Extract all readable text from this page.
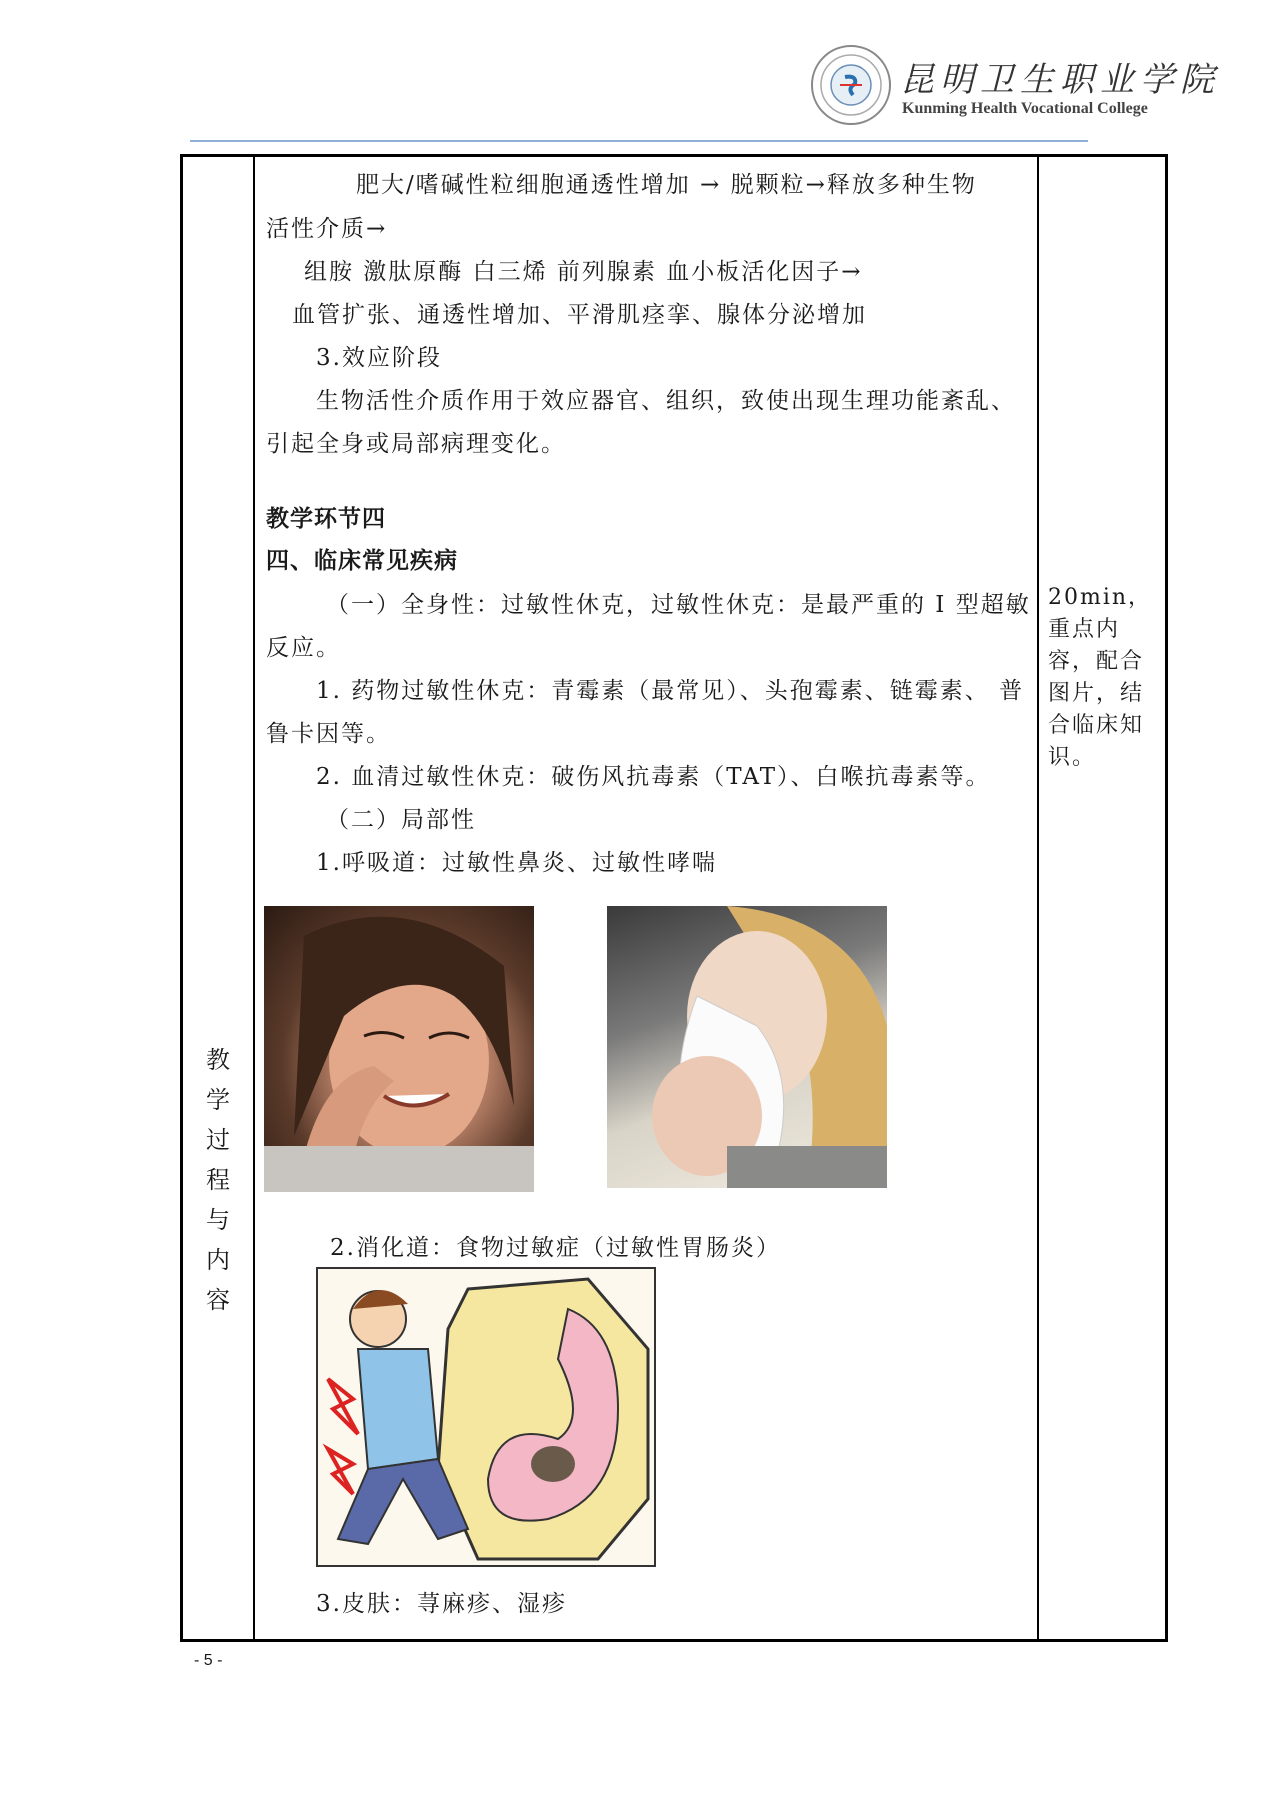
昆明卫生职业学院
Kunming Health Vocational College
教
学
过
程
与
内
容
肥大/嗜碱性粒细胞通透性增加 → 脱颗粒→释放多种生物
活性介质→
组胺 激肽原酶 白三烯 前列腺素 血小板活化因子→
血管扩张、通透性增加、平滑肌痉挛、腺体分泌增加
3.效应阶段
生物活性介质作用于效应器官、组织，致使出现生理功能紊乱、
引起全身或局部病理变化。
教学环节四
四、临床常见疾病
（一）全身性：过敏性休克，过敏性休克：是最严重的 I 型超敏
反应。
1. 药物过敏性休克：青霉素（最常见）、头孢霉素、链霉素、 普
鲁卡因等。
2. 血清过敏性休克：破伤风抗毒素（TAT）、白喉抗毒素等。
（二）局部性
1.呼吸道：过敏性鼻炎、过敏性哮喘
2.消化道：食物过敏症（过敏性胃肠炎）
3.皮肤：荨麻疹、湿疹
20min，重点内容，配合图片，结合临床知识。
- 5 -
